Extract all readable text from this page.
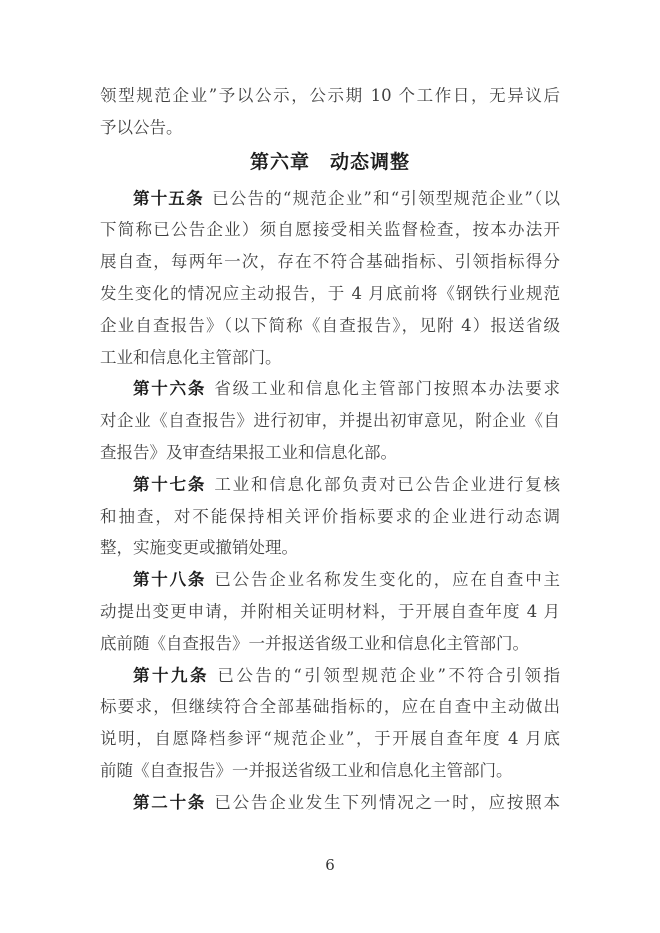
领型规范企业”予以公示，公示期 10 个工作日，无异议后
予以公告。
第六章　动态调整
第十五条 已公告的“规范企业”和“引领型规范企业”（以
下简称已公告企业）须自愿接受相关监督检查，按本办法开
展自查，每两年一次，存在不符合基础指标、引领指标得分
发生变化的情况应主动报告，于 4 月底前将《钢铁行业规范
企业自查报告》（以下简称《自查报告》，见附 4）报送省级
工业和信息化主管部门。
第十六条 省级工业和信息化主管部门按照本办法要求
对企业《自查报告》进行初审，并提出初审意见，附企业《自
查报告》及审查结果报工业和信息化部。
第十七条 工业和信息化部负责对已公告企业进行复核
和抽查，对不能保持相关评价指标要求的企业进行动态调
整，实施变更或撤销处理。
第十八条 已公告企业名称发生变化的，应在自查中主
动提出变更申请，并附相关证明材料，于开展自查年度 4 月
底前随《自查报告》一并报送省级工业和信息化主管部门。
第十九条 已公告的“引领型规范企业”不符合引领指
标要求，但继续符合全部基础指标的，应在自查中主动做出
说明，自愿降档参评“规范企业”，于开展自查年度 4 月底
前随《自查报告》一并报送省级工业和信息化主管部门。
第二十条 已公告企业发生下列情况之一时，应按照本
6
